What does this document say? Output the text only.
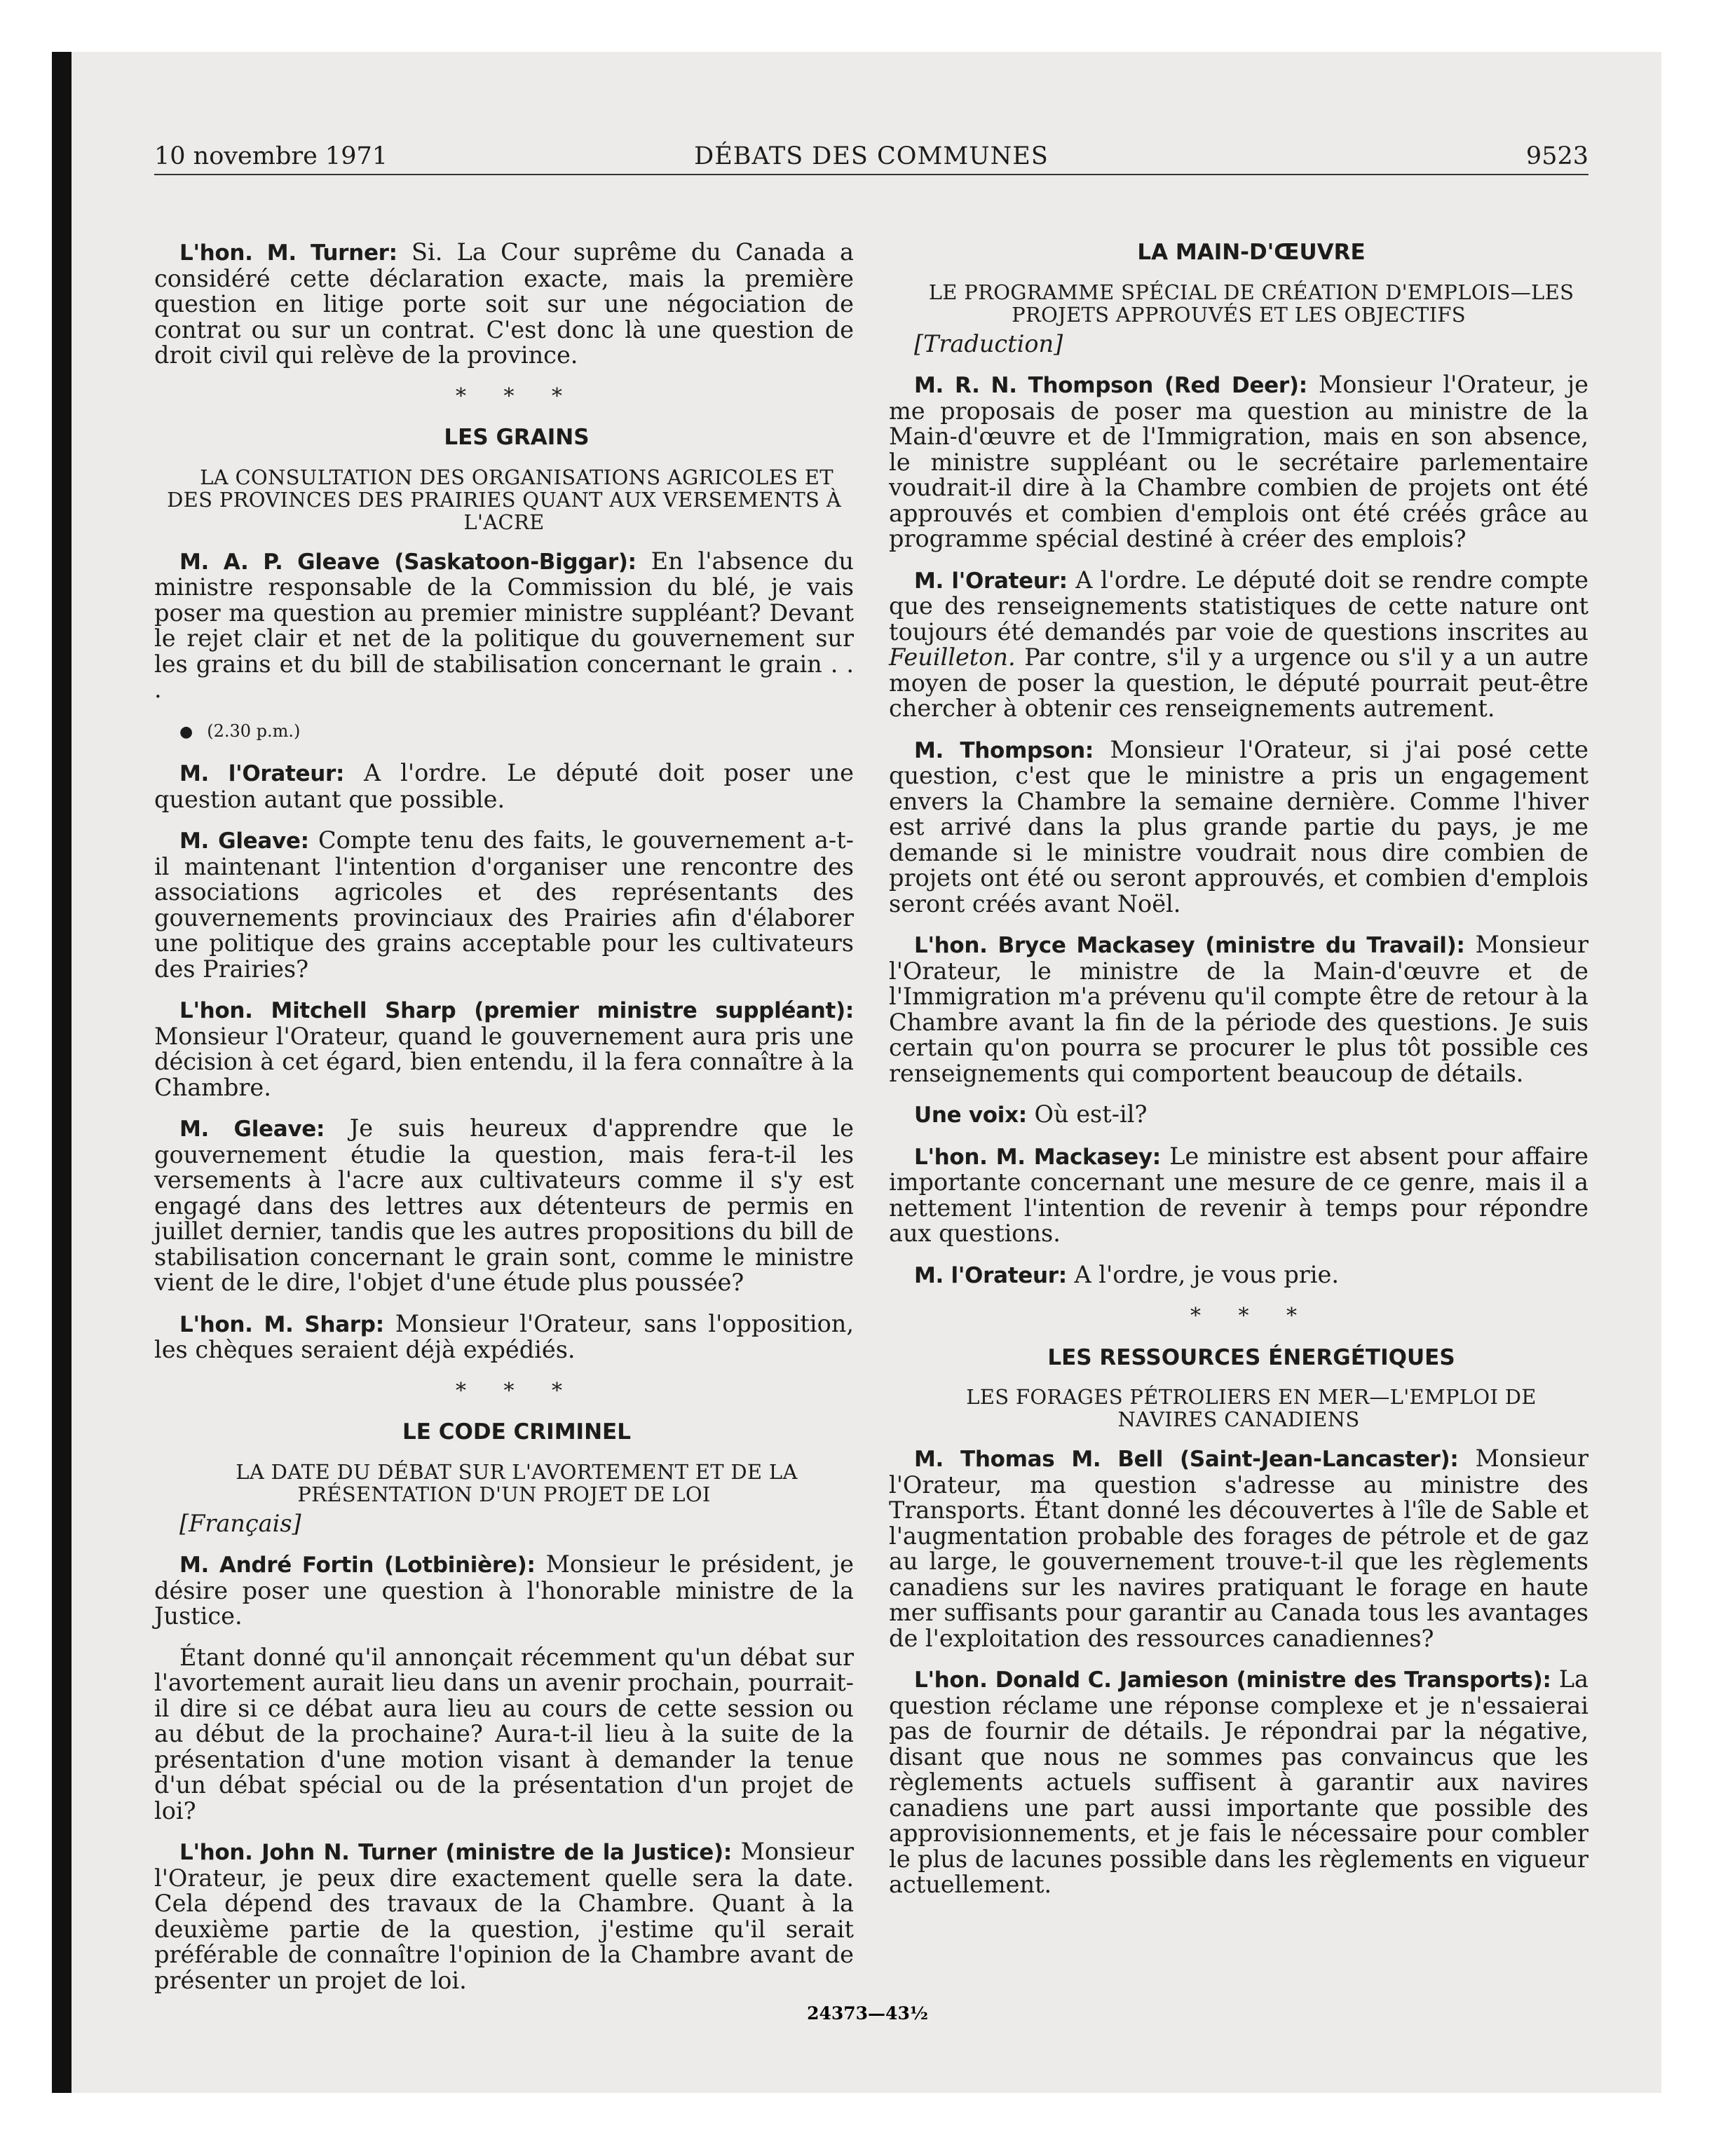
10 novembre 1971	DÉBATS DES COMMUNES	9523

L'hon. M. Turner: Si. La Cour suprême du Canada a considéré cette déclaration exacte, mais la première question en litige porte soit sur une négociation de contrat ou sur un contrat. C'est donc là une question de droit civil qui relève de la province.

* * *

LES GRAINS

LA CONSULTATION DES ORGANISATIONS AGRICOLES ET DES PROVINCES DES PRAIRIES QUANT AUX VERSEMENTS À L'ACRE

M. A. P. Gleave (Saskatoon-Biggar): En l'absence du ministre responsable de la Commission du blé, je vais poser ma question au premier ministre suppléant? Devant le rejet clair et net de la politique du gouvernement sur les grains et du bill de stabilisation concernant le grain . . .

● (2.30 p.m.)

M. l'Orateur: A l'ordre. Le député doit poser une question autant que possible.

M. Gleave: Compte tenu des faits, le gouvernement a-t-il maintenant l'intention d'organiser une rencontre des associations agricoles et des représentants des gouvernements provinciaux des Prairies afin d'élaborer une politique des grains acceptable pour les cultivateurs des Prairies?

L'hon. Mitchell Sharp (premier ministre suppléant): Monsieur l'Orateur, quand le gouvernement aura pris une décision à cet égard, bien entendu, il la fera connaître à la Chambre.

M. Gleave: Je suis heureux d'apprendre que le gouvernement étudie la question, mais fera-t-il les versements à l'acre aux cultivateurs comme il s'y est engagé dans des lettres aux détenteurs de permis en juillet dernier, tandis que les autres propositions du bill de stabilisation concernant le grain sont, comme le ministre vient de le dire, l'objet d'une étude plus poussée?

L'hon. M. Sharp: Monsieur l'Orateur, sans l'opposition, les chèques seraient déjà expédiés.

* * *

LE CODE CRIMINEL

LA DATE DU DÉBAT SUR L'AVORTEMENT ET DE LA PRÉSENTATION D'UN PROJET DE LOI

[Français]

M. André Fortin (Lotbinière): Monsieur le président, je désire poser une question à l'honorable ministre de la Justice.

Étant donné qu'il annonçait récemment qu'un débat sur l'avortement aurait lieu dans un avenir prochain, pourrait-il dire si ce débat aura lieu au cours de cette session ou au début de la prochaine? Aura-t-il lieu à la suite de la présentation d'une motion visant à demander la tenue d'un débat spécial ou de la présentation d'un projet de loi?

L'hon. John N. Turner (ministre de la Justice): Monsieur l'Orateur, je peux dire exactement quelle sera la date. Cela dépend des travaux de la Chambre. Quant à la deuxième partie de la question, j'estime qu'il serait préférable de connaître l'opinion de la Chambre avant de présenter un projet de loi.

LA MAIN-D'ŒUVRE

LE PROGRAMME SPÉCIAL DE CRÉATION D'EMPLOIS—LES PROJETS APPROUVÉS ET LES OBJECTIFS

[Traduction]

M. R. N. Thompson (Red Deer): Monsieur l'Orateur, je me proposais de poser ma question au ministre de la Main-d'œuvre et de l'Immigration, mais en son absence, le ministre suppléant ou le secrétaire parlementaire voudrait-il dire à la Chambre combien de projets ont été approuvés et combien d'emplois ont été créés grâce au programme spécial destiné à créer des emplois?

M. l'Orateur: A l'ordre. Le député doit se rendre compte que des renseignements statistiques de cette nature ont toujours été demandés par voie de questions inscrites au Feuilleton. Par contre, s'il y a urgence ou s'il y a un autre moyen de poser la question, le député pourrait peut-être chercher à obtenir ces renseignements autrement.

M. Thompson: Monsieur l'Orateur, si j'ai posé cette question, c'est que le ministre a pris un engagement envers la Chambre la semaine dernière. Comme l'hiver est arrivé dans la plus grande partie du pays, je me demande si le ministre voudrait nous dire combien de projets ont été ou seront approuvés, et combien d'emplois seront créés avant Noël.

L'hon. Bryce Mackasey (ministre du Travail): Monsieur l'Orateur, le ministre de la Main-d'œuvre et de l'Immigration m'a prévenu qu'il compte être de retour à la Chambre avant la fin de la période des questions. Je suis certain qu'on pourra se procurer le plus tôt possible ces renseignements qui comportent beaucoup de détails.

Une voix: Où est-il?

L'hon. M. Mackasey: Le ministre est absent pour affaire importante concernant une mesure de ce genre, mais il a nettement l'intention de revenir à temps pour répondre aux questions.

M. l'Orateur: A l'ordre, je vous prie.

* * *

LES RESSOURCES ÉNERGÉTIQUES

LES FORAGES PÉTROLIERS EN MER—L'EMPLOI DE NAVIRES CANADIENS

M. Thomas M. Bell (Saint-Jean-Lancaster): Monsieur l'Orateur, ma question s'adresse au ministre des Transports. Étant donné les découvertes à l'île de Sable et l'augmentation probable des forages de pétrole et de gaz au large, le gouvernement trouve-t-il que les règlements canadiens sur les navires pratiquant le forage en haute mer suffisants pour garantir au Canada tous les avantages de l'exploitation des ressources canadiennes?

L'hon. Donald C. Jamieson (ministre des Transports): La question réclame une réponse complexe et je n'essaierai pas de fournir de détails. Je répondrai par la négative, disant que nous ne sommes pas convaincus que les règlements actuels suffisent à garantir aux navires canadiens une part aussi importante que possible des approvisionnements, et je fais le nécessaire pour combler le plus de lacunes possible dans les règlements en vigueur actuellement.

24373—43½
